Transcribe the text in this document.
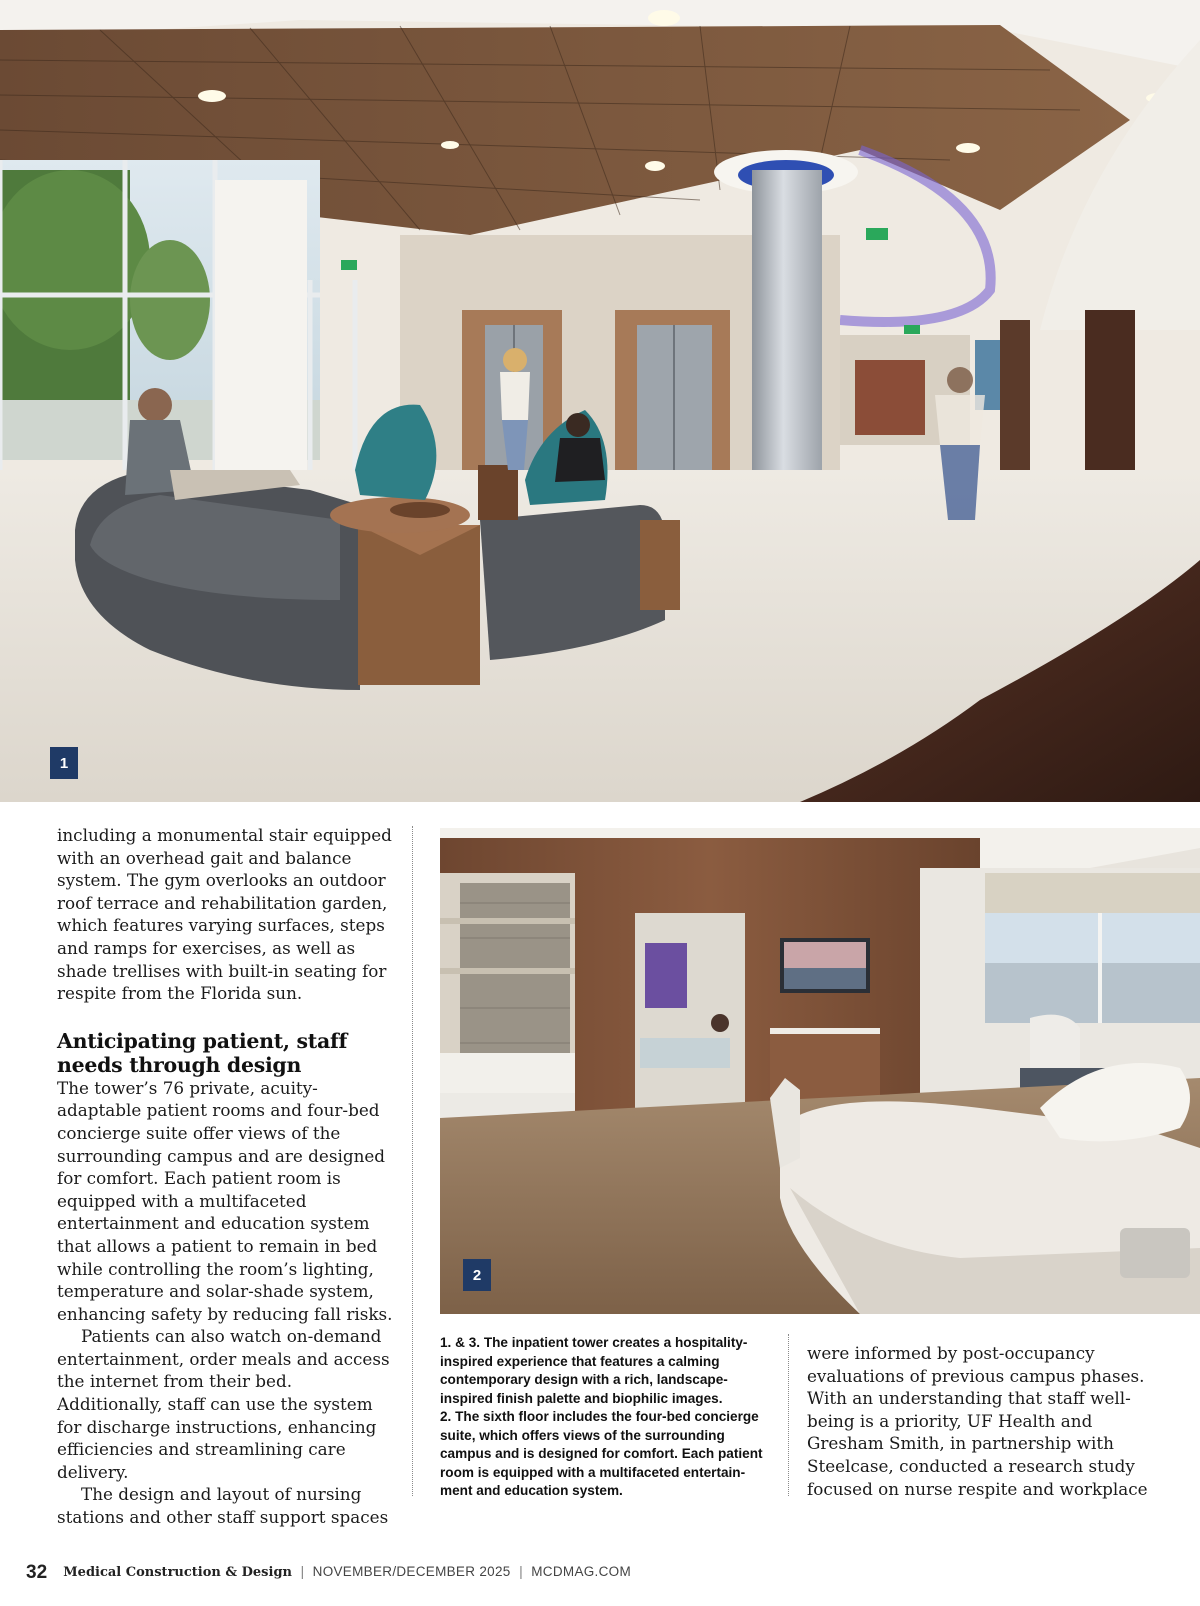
1

including a monumental stair equipped with an overhead gait and balance system. The gym overlooks an outdoor roof terrace and rehabilitation garden, which features varying surfaces, steps and ramps for exercises, as well as shade trellises with built-in seating for respite from the Florida sun.

Anticipating patient, staff needs through design

The tower’s 76 private, acuity-adaptable patient rooms and four-bed concierge suite offer views of the surrounding campus and are designed for comfort. Each patient room is equipped with a multifaceted entertainment and education system that allows a patient to remain in bed while controlling the room’s lighting, temperature and solar-shade system, enhancing safety by reducing fall risks.

Patients can also watch on-demand entertainment, order meals and access the internet from their bed. Additionally, staff can use the system for discharge instructions, enhancing efficiencies and streamlining care delivery.

The design and layout of nursing stations and other staff support spaces

2

1. & 3. The inpatient tower creates a hospitality-inspired experience that features a calming contemporary design with a rich, landscape-inspired finish palette and biophilic images.

2. The sixth floor includes the four-bed concierge suite, which offers views of the surrounding campus and is designed for comfort. Each patient room is equipped with a multifaceted entertain-ment and education system.

were informed by post-occupancy evaluations of previous campus phases. With an understanding that staff well-being is a priority, UF Health and Gresham Smith, in partnership with Steelcase, conducted a research study focused on nurse respite and workplace

32 Medical Construction & Design | NOVEMBER/DECEMBER 2025 | MCDMAG.COM
